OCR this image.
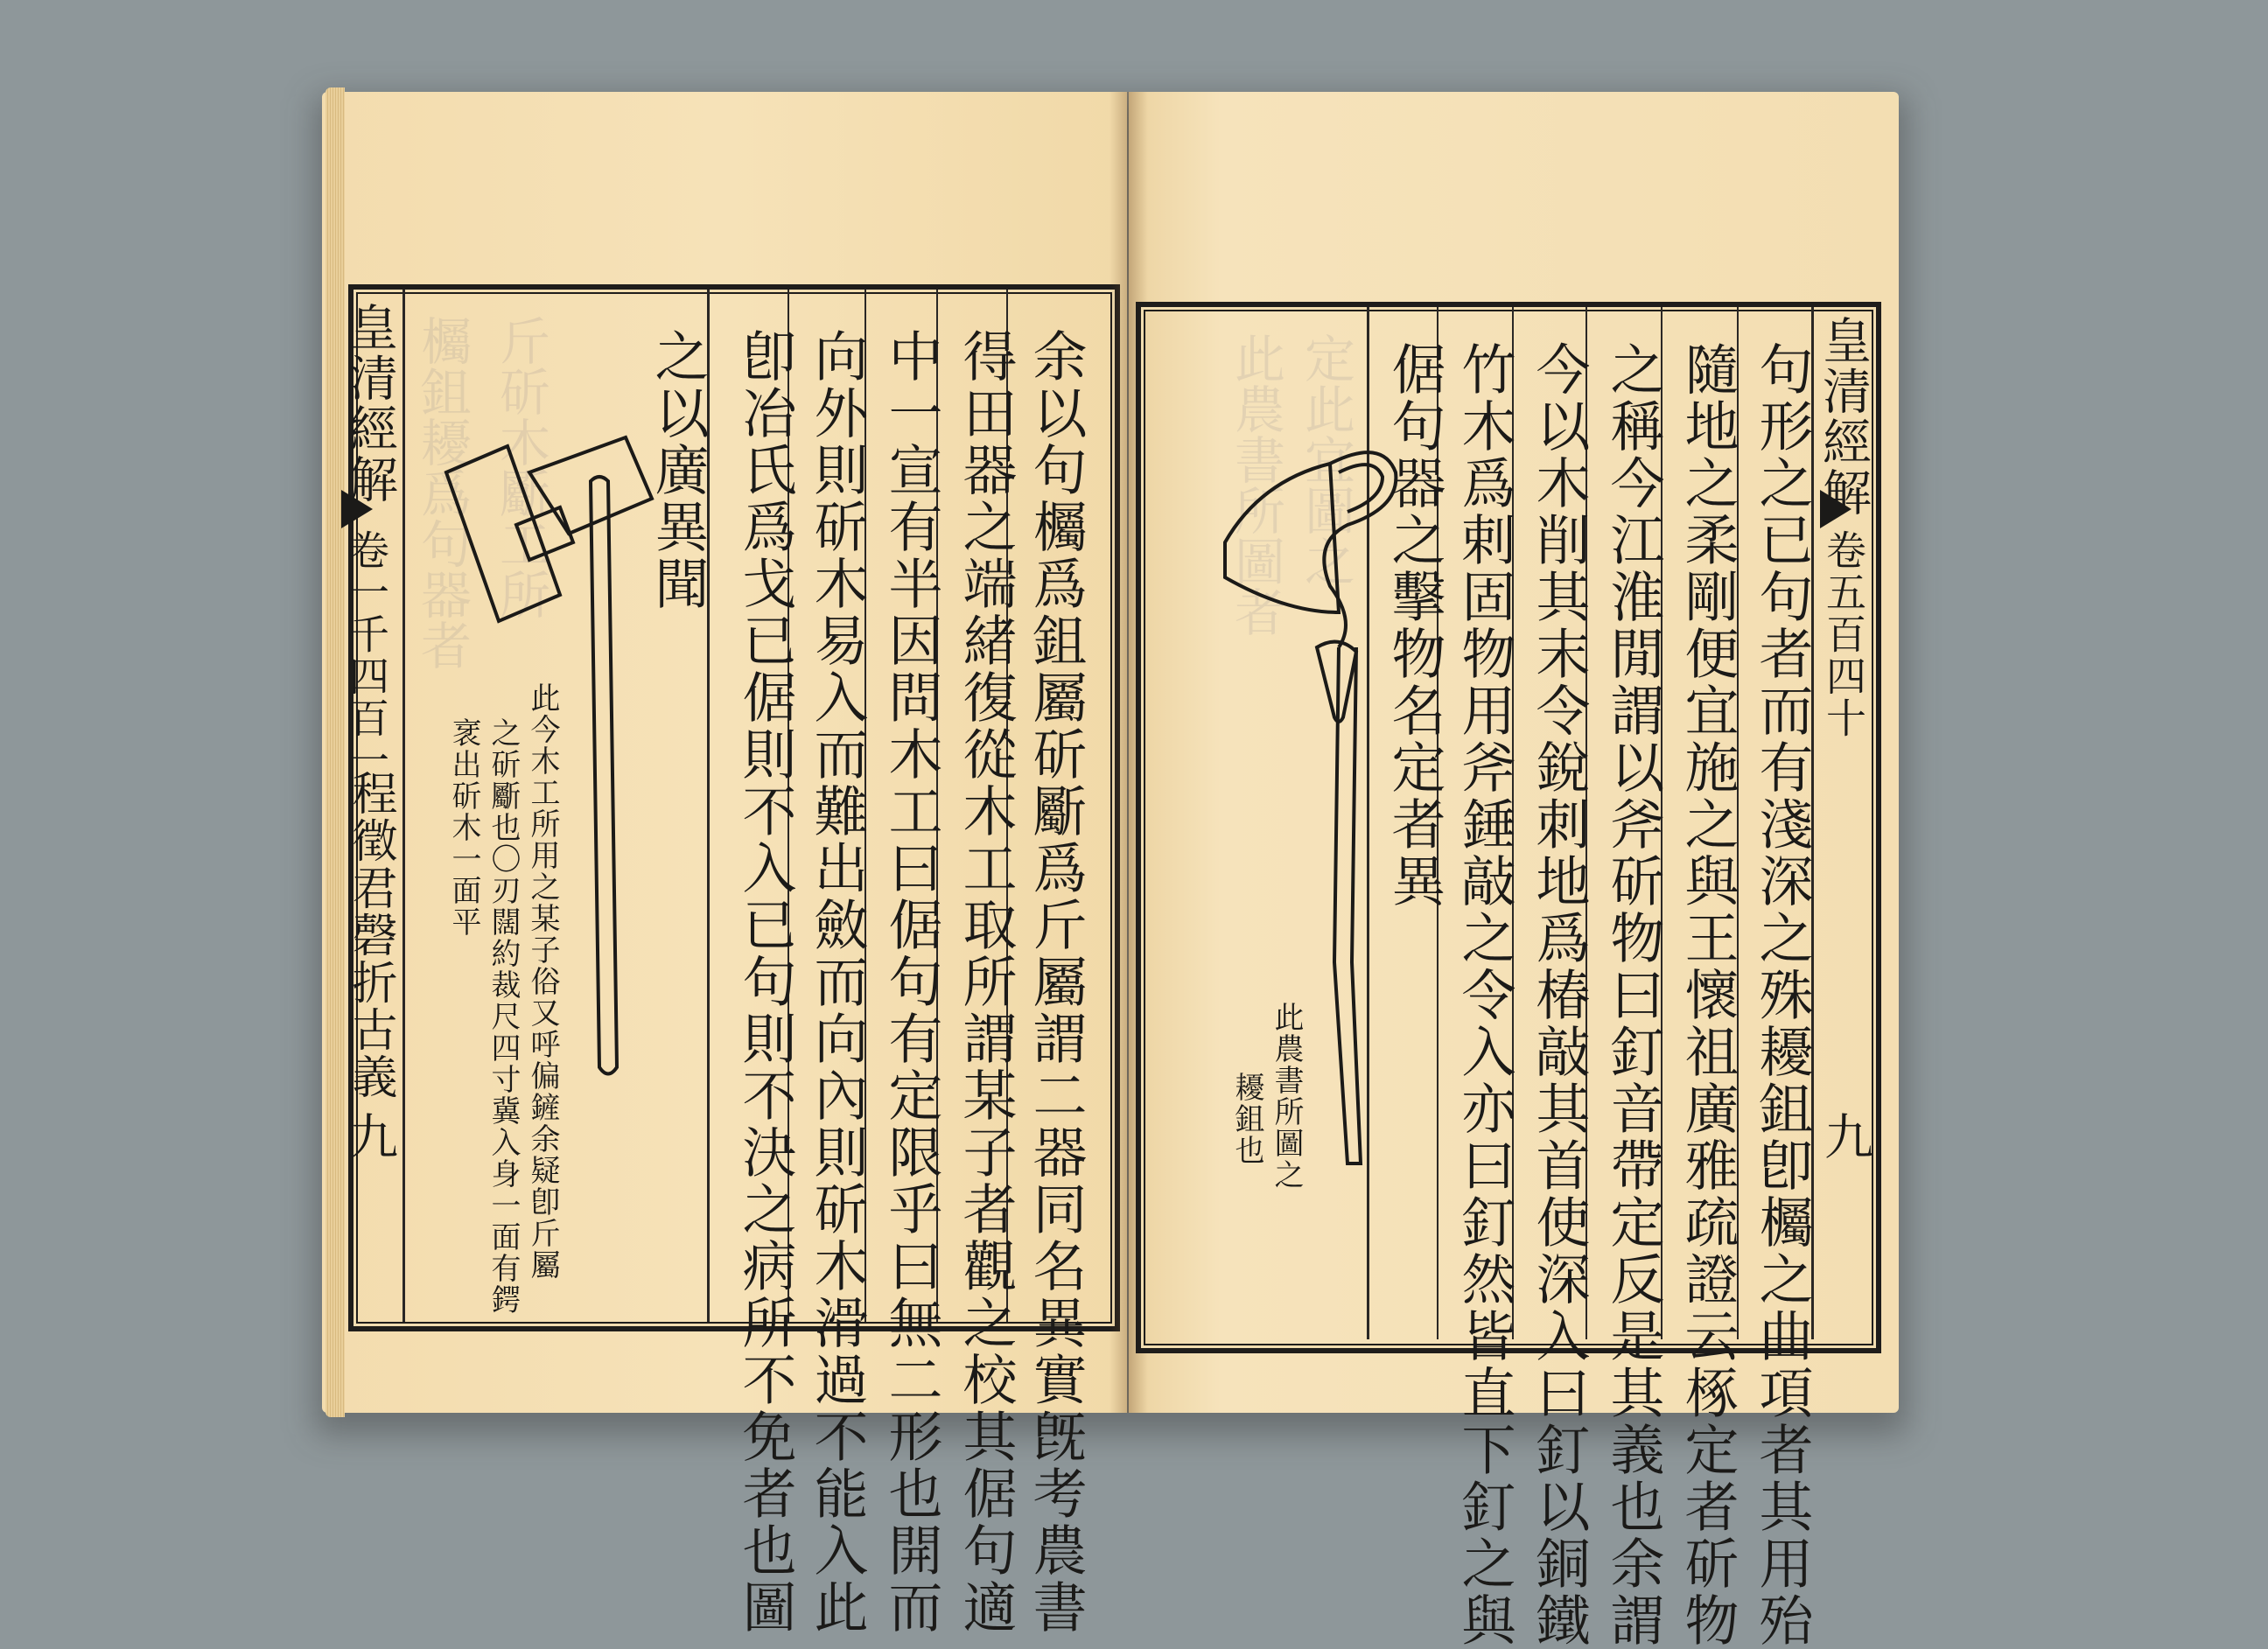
欘鉏耰爲句器者 斤斫木斸工所
皇清經解
卷一千四百一
程徵君磬折古義
九	此今木工所用之某子俗又呼偏鏟余疑卽斤屬
之斫斸也〇刃闊約裁尺四寸冀入身一面有鍔
衺出斫木一面平	余以句欘爲鉏屬斫斸爲斤屬謂二器同名異實旣考農書
得田器之端緒復從木工取所謂某子者觀之校其倨句適
中一宣有半因問木工曰倨句有定限乎曰無二形也開而
向外則斫木易入而難出斂而向內則斫木滑過不能入此
卽冶氏爲戈已倨則不入已句則不決之病所不免者也圖
之以廣異聞	此農書所圖者 定此宜圖之	皇清經解
卷五百四十
九
句形之已句者而有淺深之殊耰鉏卽欘之曲項者其用殆
隨地之柔剛便宜施之與王懷祖廣雅疏證云椓定者斫物
之稱今江淮閒謂以斧斫物曰釘音帶定反是其義也余謂
今以木削其末令銳刺地爲椿敲其首使深入曰釘以銅鐵
竹木爲剌固物用斧錘敲之令入亦曰釘然皆直下釘之與
倨句器之擊物名定者異
此農書所圖之
耰鉏也
